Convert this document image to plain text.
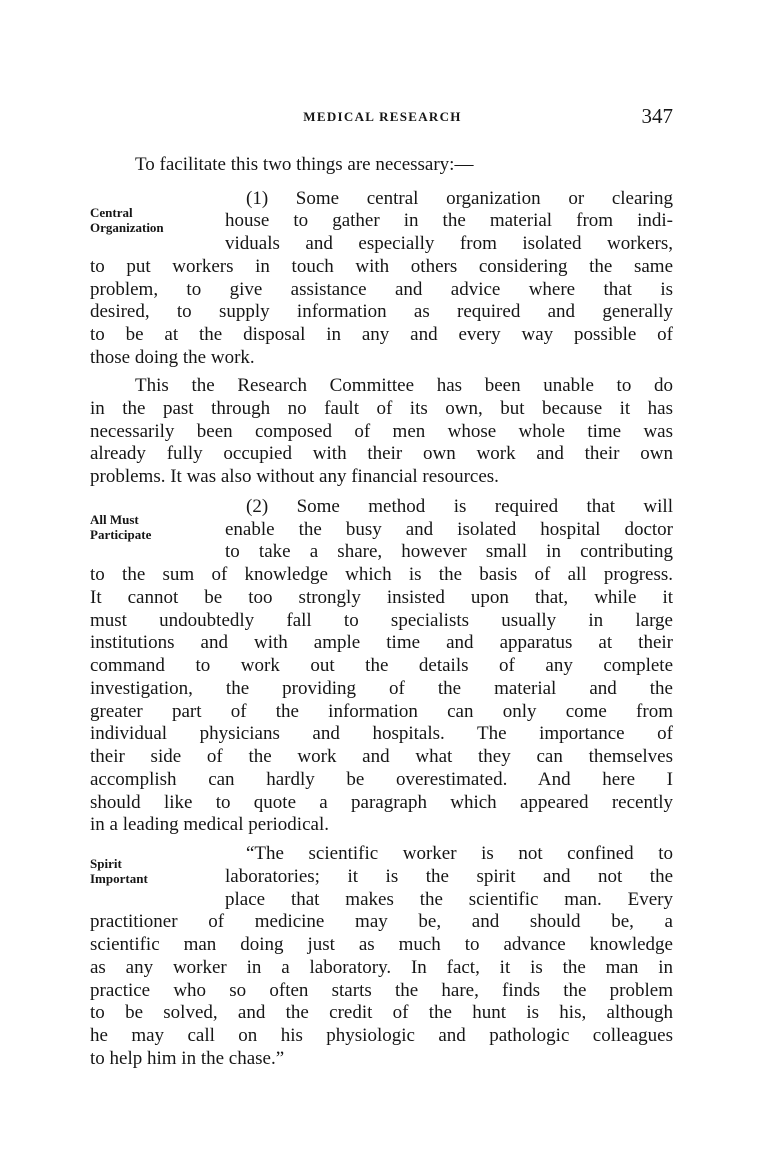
MEDICAL RESEARCH	347
Central
Organization
All Must
Participate
Spirit
Important
To facilitate this two things are necessary:—
(1) Some central organization or clearing
house to gather in the material from indi-
viduals and especially from isolated workers,
to put workers in touch with others considering the same
problem, to give assistance and advice where that is
desired, to supply information as required and generally
to be at the disposal in any and every way possible of
those doing the work.
This the Research Committee has been unable to do
in the past through no fault of its own, but because it has
necessarily been composed of men whose whole time was
already fully occupied with their own work and their own
problems. It was also without any financial resources.
(2) Some method is required that will
enable the busy and isolated hospital doctor
to take a share, however small in contributing
to the sum of knowledge which is the basis of all progress.
It cannot be too strongly insisted upon that, while it
must undoubtedly fall to specialists usually in large
institutions and with ample time and apparatus at their
command to work out the details of any complete
investigation, the providing of the material and the
greater part of the information can only come from
individual physicians and hospitals. The importance of
their side of the work and what they can themselves
accomplish can hardly be overestimated. And here I
should like to quote a paragraph which appeared recently
in a leading medical periodical.
“The scientific worker is not confined to
laboratories; it is the spirit and not the
place that makes the scientific man. Every
practitioner of medicine may be, and should be, a
scientific man doing just as much to advance knowledge
as any worker in a laboratory. In fact, it is the man in
practice who so often starts the hare, finds the problem
to be solved, and the credit of the hunt is his, although
he may call on his physiologic and pathologic colleagues
to help him in the chase.”
